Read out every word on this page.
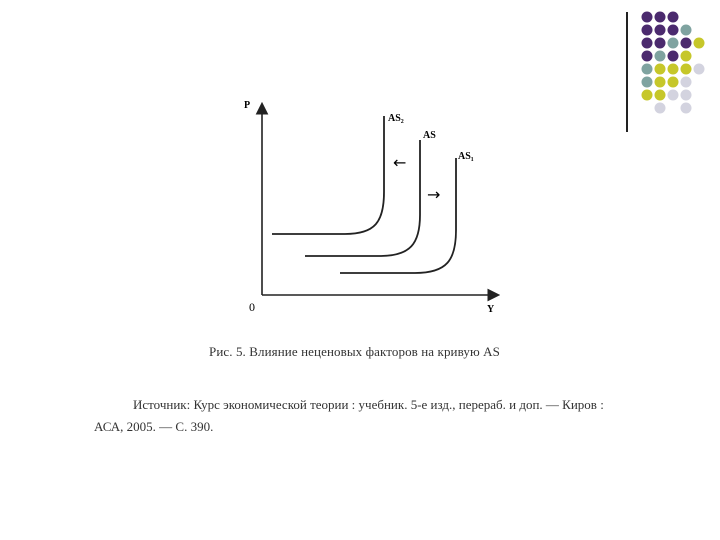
P
Y
0
AS₂
AS
AS₁
←
→
Рис. 5. Влияние неценовых факторов на кривую AS
Источник: Курс экономической теории : учебник. 5-е изд., перераб. и доп. — Киров :
АСА, 2005. — С. 390.
